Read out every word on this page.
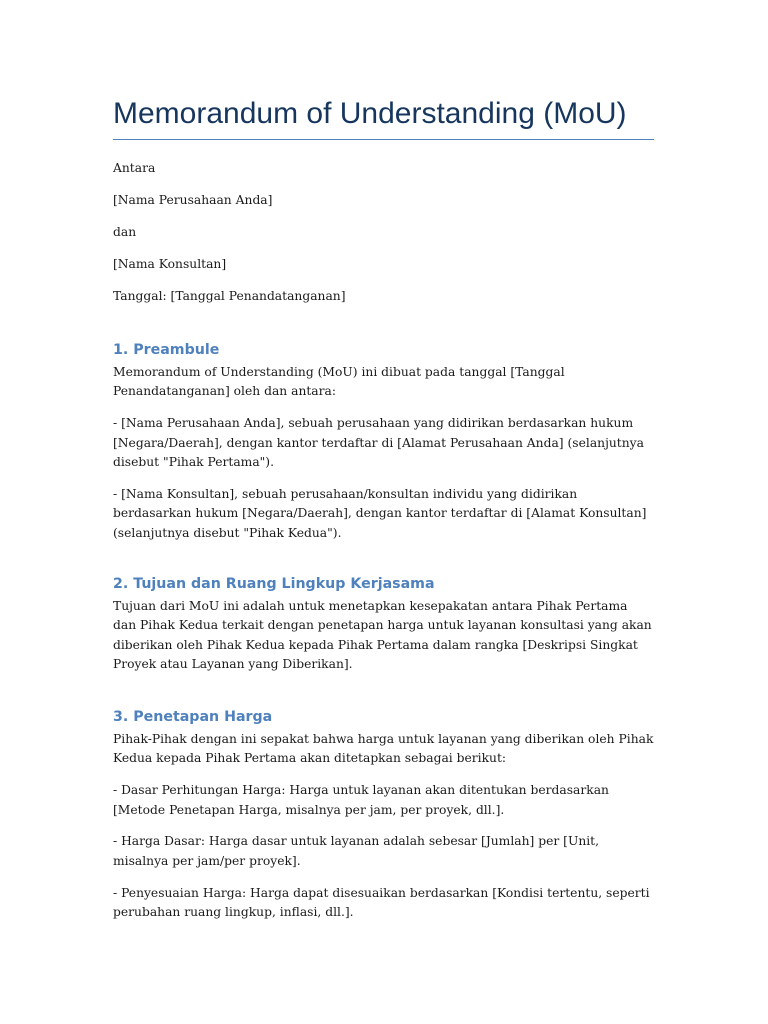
Memorandum of Understanding (MoU)

Antara

[Nama Perusahaan Anda]

dan

[Nama Konsultan]

Tanggal: [Tanggal Penandatanganan]

1. Preambule

Memorandum of Understanding (MoU) ini dibuat pada tanggal [Tanggal Penandatanganan] oleh dan antara:

- [Nama Perusahaan Anda], sebuah perusahaan yang didirikan berdasarkan hukum [Negara/Daerah], dengan kantor terdaftar di [Alamat Perusahaan Anda] (selanjutnya disebut "Pihak Pertama").

- [Nama Konsultan], sebuah perusahaan/konsultan individu yang didirikan berdasarkan hukum [Negara/Daerah], dengan kantor terdaftar di [Alamat Konsultan] (selanjutnya disebut "Pihak Kedua").

2. Tujuan dan Ruang Lingkup Kerjasama

Tujuan dari MoU ini adalah untuk menetapkan kesepakatan antara Pihak Pertama dan Pihak Kedua terkait dengan penetapan harga untuk layanan konsultasi yang akan diberikan oleh Pihak Kedua kepada Pihak Pertama dalam rangka [Deskripsi Singkat Proyek atau Layanan yang Diberikan].

3. Penetapan Harga

Pihak-Pihak dengan ini sepakat bahwa harga untuk layanan yang diberikan oleh Pihak Kedua kepada Pihak Pertama akan ditetapkan sebagai berikut:

- Dasar Perhitungan Harga: Harga untuk layanan akan ditentukan berdasarkan [Metode Penetapan Harga, misalnya per jam, per proyek, dll.].

- Harga Dasar: Harga dasar untuk layanan adalah sebesar [Jumlah] per [Unit, misalnya per jam/per proyek].

- Penyesuaian Harga: Harga dapat disesuaikan berdasarkan [Kondisi tertentu, seperti perubahan ruang lingkup, inflasi, dll.].
